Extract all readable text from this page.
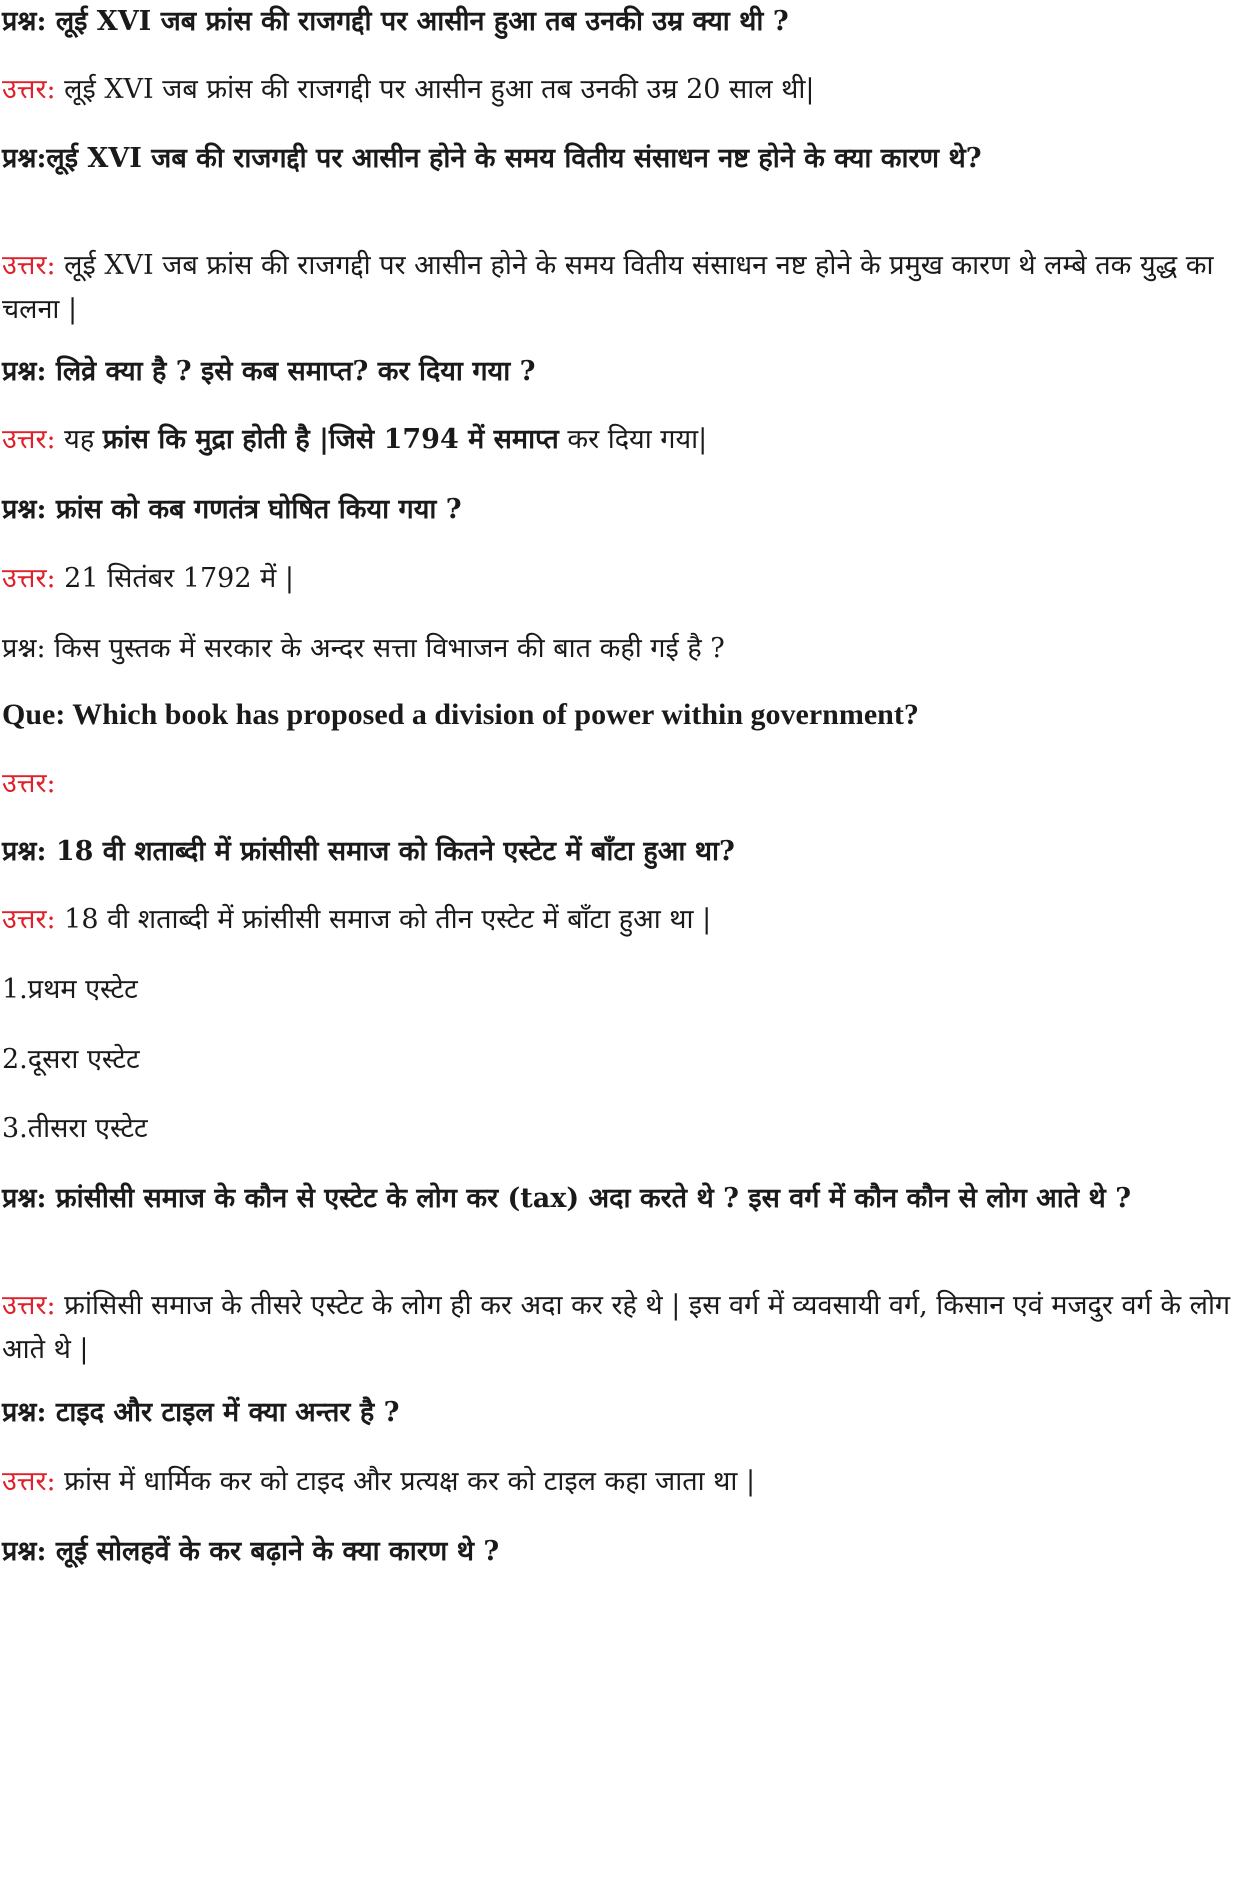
प्रश्न: लूई XVI जब फ्रांस की राजगद्दी पर आसीन हुआ तब उनकी उम्र क्या थी ?

उत्तर: लूई XVI जब फ्रांस की राजगद्दी पर आसीन हुआ तब उनकी उम्र 20 साल थी|

प्रश्न:लूई XVI जब की राजगद्दी पर आसीन होने के समय वितीय संसाधन नष्ट होने के क्या कारण थे?

उत्तर: लूई XVI जब फ्रांस की राजगद्दी पर आसीन होने के समय वितीय संसाधन नष्ट होने के प्रमुख कारण थे लम्बे तक युद्ध का चलना |

प्रश्न: लिव्रे क्या है ? इसे कब समाप्त? कर दिया गया ?

उत्तर: यह फ्रांस कि मुद्रा होती है |जिसे 1794 में समाप्त कर दिया गया|

प्रश्न: फ्रांस को कब गणतंत्र घोषित किया गया ?

उत्तर: 21 सितंबर 1792 में |

प्रश्न: किस पुस्तक में सरकार के अन्दर सत्ता विभाजन की बात कही गई है ?

Que: Which book has proposed a division of power within government?

उत्तर:

प्रश्न: 18 वी शताब्दी में फ्रांसीसी समाज को कितने एस्टेट में बाँटा हुआ था?

उत्तर: 18 वी शताब्दी में फ्रांसीसी समाज को तीन एस्टेट में बाँटा हुआ था |

1.प्रथम एस्टेट

2.दूसरा एस्टेट

3.तीसरा एस्टेट

प्रश्न: फ्रांसीसी समाज के कौन से एस्टेट के लोग कर (tax) अदा करते थे ? इस वर्ग में कौन कौन से लोग आते थे ?

उत्तर: फ्रांसिसी समाज के तीसरे एस्टेट के लोग ही कर अदा कर रहे थे | इस वर्ग में व्यवसायी वर्ग, किसान एवं मजदुर वर्ग के लोग आते थे |

प्रश्न: टाइद और टाइल में क्या अन्तर है ?

उत्तर: फ्रांस में धार्मिक कर को टाइद और प्रत्यक्ष कर को टाइल कहा जाता था |

प्रश्न: लूई सोलहवें के कर बढ़ाने के क्या कारण थे ?
